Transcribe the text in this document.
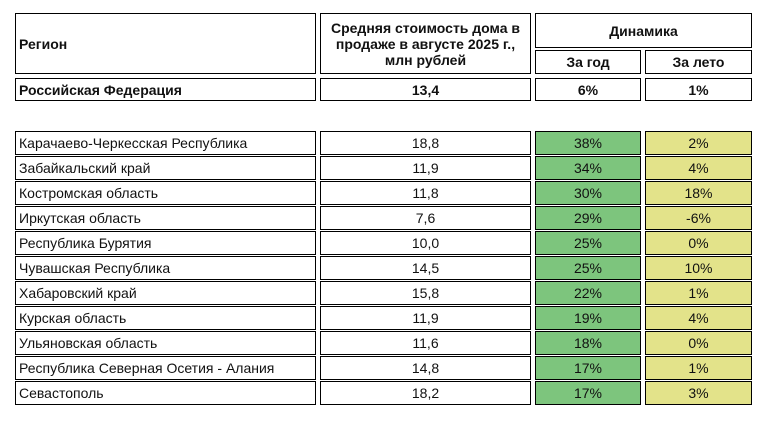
Регион
Средняя стоимость дома в продаже в августе 2025 г., млн рублей
Динамика
За год	За лето
Российская Федерация	13,4	6%	1%
Карачаево-Черкесская Республика	18,8	38%	2%
Забайкальский край	11,9	34%	4%
Костромская область	11,8	30%	18%
Иркутская область	7,6	29%	-6%
Республика Бурятия	10,0	25%	0%
Чувашская Республика	14,5	25%	10%
Хабаровский край	15,8	22%	1%
Курская область	11,9	19%	4%
Ульяновская область	11,6	18%	0%
Республика Северная Осетия - Алания	14,8	17%	1%
Севастополь	18,2	17%	3%
